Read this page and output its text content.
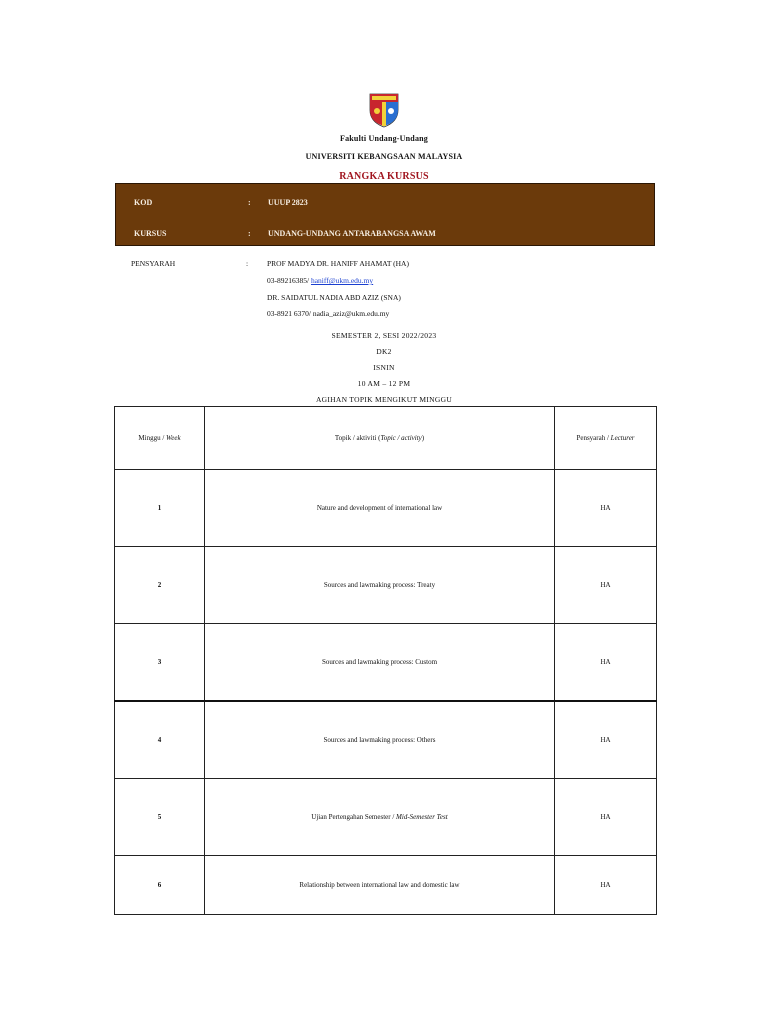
Fakulti Undang-Undang
UNIVERSITI KEBANGSAAN MALAYSIA
RANGKA KURSUS
KOD	: UUUP 2823
KURSUS	: UNDANG-UNDANG ANTARABANGSA AWAM
PENSYARAH	:	PROF MADYA DR. HANIFF AHAMAT (HA)
03-89216385/ haniff@ukm.edu.my
DR. SAIDATUL NADIA ABD AZIZ (SNA)
03-8921 6370/ nadia_aziz@ukm.edu.my
SEMESTER 2, SESI 2022/2023
DK2
ISNIN
10 AM – 12 PM
AGIHAN TOPIK MENGIKUT MINGGU
Minggu / Week	Topik / aktiviti (Topic / activity)	Pensyarah / Lecturer
1	Nature and development of international law	HA
2	Sources and lawmaking process: Treaty	HA
3	Sources and lawmaking process: Custom	HA
4	Sources and lawmaking process: Others	HA
5	Ujian Pertengahan Semester / Mid-Semester Test	HA
6	Relationship between international law and domestic law	HA
